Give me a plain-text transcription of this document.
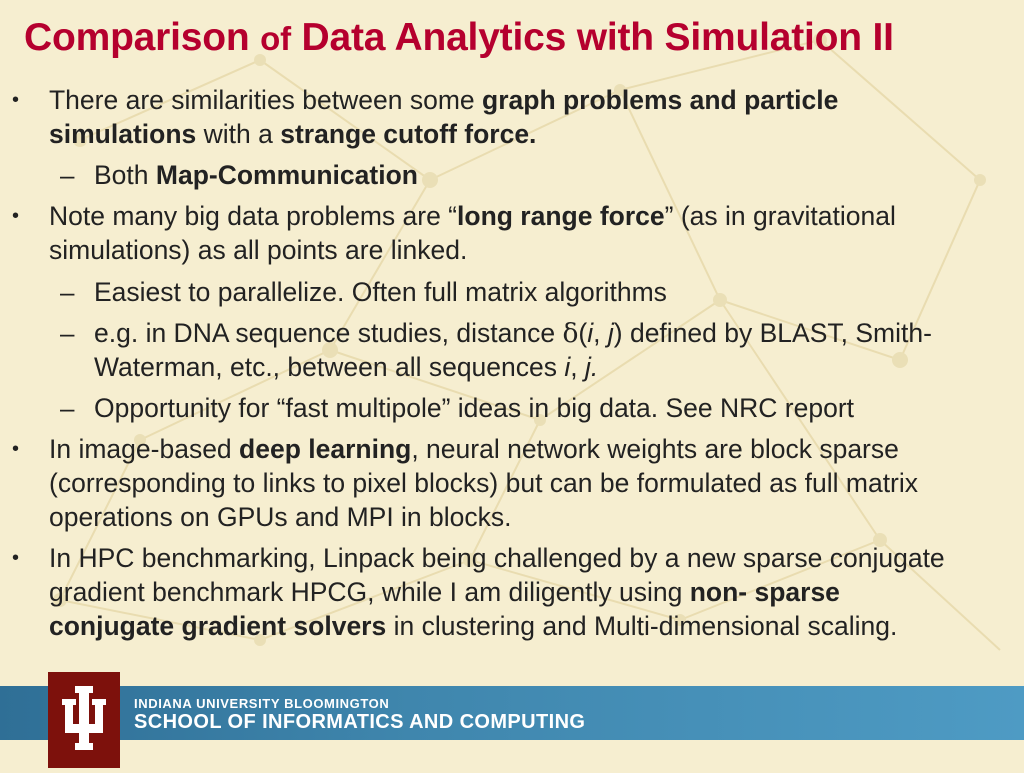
Comparison of Data Analytics with Simulation II
• There are similarities between some graph problems and particle
simulations with a strange cutoff force.
– Both Map-Communication
• Note many big data problems are “long range force” (as in gravitational
simulations) as all points are linked.
– Easiest to parallelize. Often full matrix algorithms
– e.g. in DNA sequence studies, distance δ(i, j) defined by BLAST, Smith-
Waterman, etc., between all sequences i, j.
– Opportunity for “fast multipole” ideas in big data. See NRC report
• In image-based deep learning, neural network weights are block sparse
(corresponding to links to pixel blocks) but can be formulated as full matrix
operations on GPUs and MPI in blocks.
• In HPC benchmarking, Linpack being challenged by a new sparse conjugate
gradient benchmark HPCG, while I am diligently using non- sparse
conjugate gradient solvers in clustering and Multi-dimensional scaling.
INDIANA UNIVERSITY BLOOMINGTON
SCHOOL OF INFORMATICS AND COMPUTING
